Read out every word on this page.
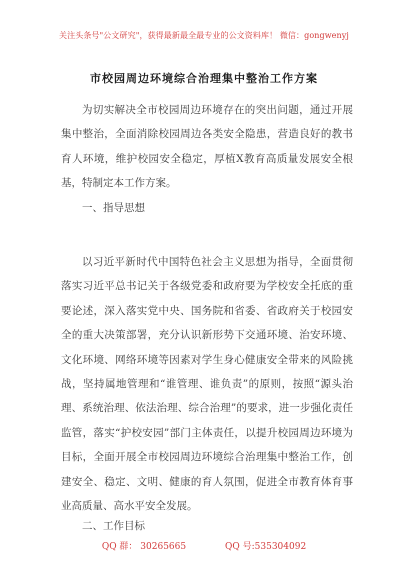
关注头条号"公文研究"，获得最新最全最专业的公文资料库！ 微信：gongwenyj
市校园周边环境综合治理集中整治工作方案

为切实解决全市校园周边环境存在的突出问题，通过开展集中整治，全面消除校园周边各类安全隐患，营造良好的教书育人环境，维护校园安全稳定，厚植X教育高质量发展安全根基，特制定本工作方案。

一、指导思想

以习近平新时代中国特色社会主义思想为指导，全面贯彻落实习近平总书记关于各级党委和政府要为学校安全托底的重要论述，深入落实党中央、国务院和省委、省政府关于校园安全的重大决策部署，充分认识新形势下交通环境、治安环境、文化环境、网络环境等因素对学生身心健康安全带来的风险挑战，坚持属地管理和“谁管理、谁负责”的原则，按照“源头治理、系统治理、依法治理、综合治理”的要求，进一步强化责任监管，落实“护校安园”部门主体责任，以提升校园周边环境为目标，全面开展全市校园周边环境综合治理集中整治工作，创建安全、稳定、文明、健康的育人氛围，促进全市教育体育事业高质量、高水平安全发展。

二、工作目标

QQ 群： 30265665	QQ 号:535304092
